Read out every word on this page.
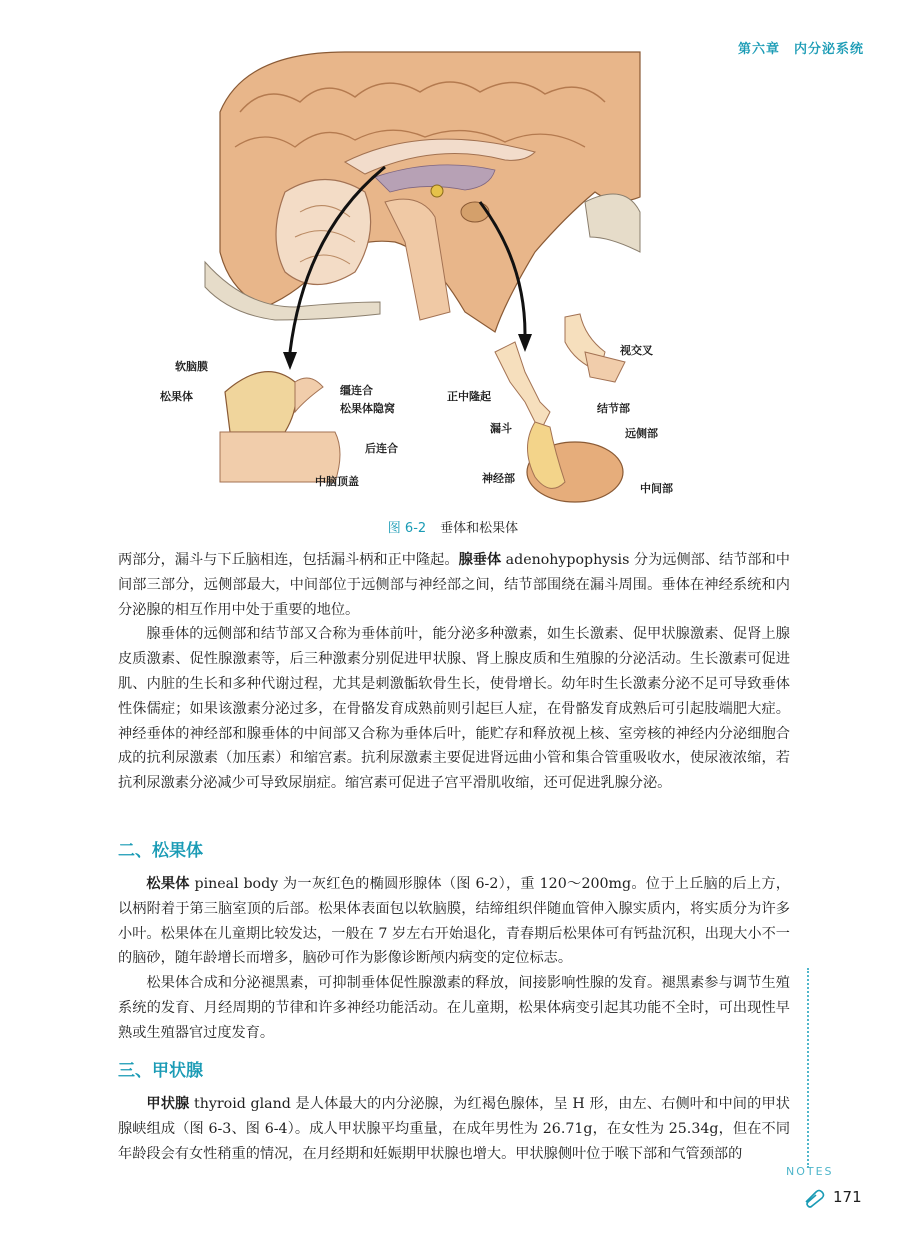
第六章　内分泌系统
软脑膜
松果体	缰连合
松果体隐窝
后连合
中脑顶盖
视交叉
正中隆起
结节部
漏斗	远侧部
神经部
中间部
图 6-2 垂体和松果体

两部分，漏斗与下丘脑相连，包括漏斗柄和正中隆起。腺垂体 adenohypophysis 分为远侧部、结节部和中间部三部分，远侧部最大，中间部位于远侧部与神经部之间，结节部围绕在漏斗周围。垂体在神经系统和内分泌腺的相互作用中处于重要的地位。

腺垂体的远侧部和结节部又合称为垂体前叶，能分泌多种激素，如生长激素、促甲状腺激素、促肾上腺皮质激素、促性腺激素等，后三种激素分别促进甲状腺、肾上腺皮质和生殖腺的分泌活动。生长激素可促进肌、内脏的生长和多种代谢过程，尤其是刺激骺软骨生长，使骨增长。幼年时生长激素分泌不足可导致垂体性侏儒症；如果该激素分泌过多，在骨骼发育成熟前则引起巨人症，在骨骼发育成熟后可引起肢端肥大症。神经垂体的神经部和腺垂体的中间部又合称为垂体后叶，能贮存和释放视上核、室旁核的神经内分泌细胞合成的抗利尿激素（加压素）和缩宫素。抗利尿激素主要促进肾远曲小管和集合管重吸收水，使尿液浓缩，若抗利尿激素分泌减少可导致尿崩症。缩宫素可促进子宫平滑肌收缩，还可促进乳腺分泌。

二、松果体

松果体 pineal body 为一灰红色的椭圆形腺体（图 6-2），重 120～200mg。位于上丘脑的后上方，以柄附着于第三脑室顶的后部。松果体表面包以软脑膜，结缔组织伴随血管伸入腺实质内，将实质分为许多小叶。松果体在儿童期比较发达，一般在 7 岁左右开始退化，青春期后松果体可有钙盐沉积，出现大小不一的脑砂，随年龄增长而增多，脑砂可作为影像诊断颅内病变的定位标志。

松果体合成和分泌褪黑素，可抑制垂体促性腺激素的释放，间接影响性腺的发育。褪黑素参与调节生殖系统的发育、月经周期的节律和许多神经功能活动。在儿童期，松果体病变引起其功能不全时，可出现性早熟或生殖器官过度发育。

三、甲状腺

甲状腺 thyroid gland 是人体最大的内分泌腺，为红褐色腺体，呈 H 形，由左、右侧叶和中间的甲状腺峡组成（图 6-3、图 6-4）。成人甲状腺平均重量，在成年男性为 26.71g，在女性为 25.34g，但在不同年龄段会有女性稍重的情况，在月经期和妊娠期甲状腺也增大。甲状腺侧叶位于喉下部和气管颈部的

NOTES
171
